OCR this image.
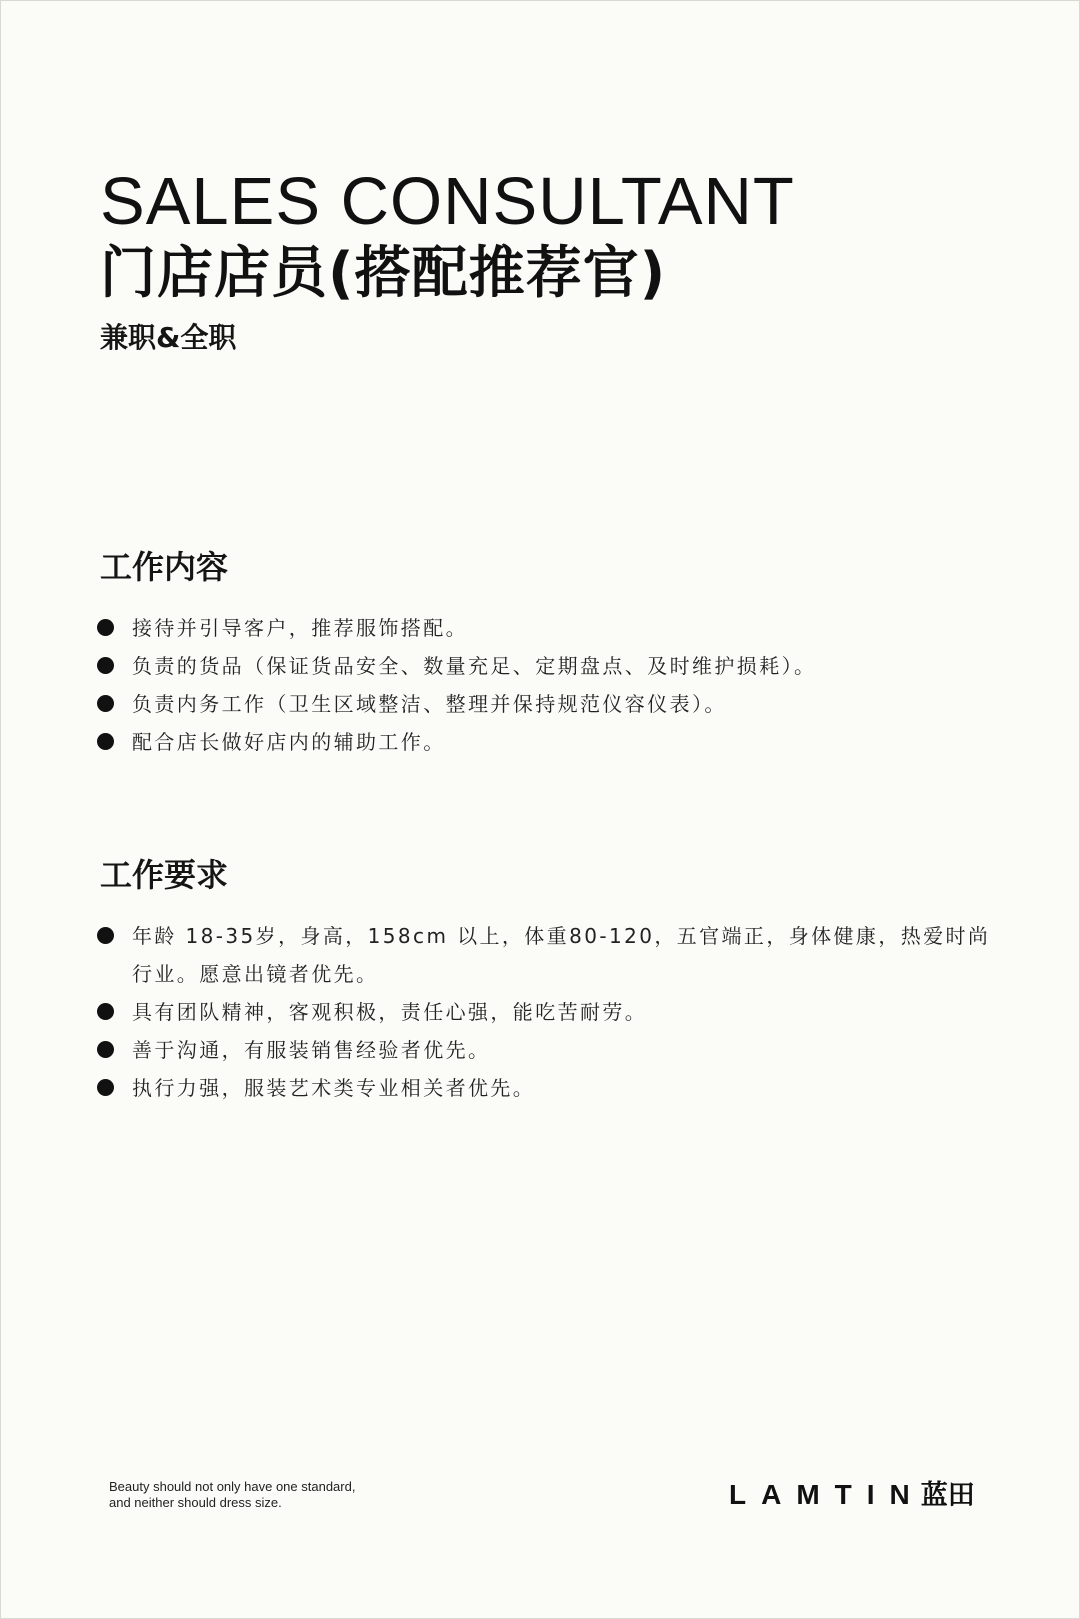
SALES CONSULTANT
门店店员(搭配推荐官)
兼职&全职
工作内容
接待并引导客户，推荐服饰搭配。
负责的货品（保证货品安全、数量充足、定期盘点、及时维护损耗）。
负责内务工作（卫生区域整洁、整理并保持规范仪容仪表）。
配合店长做好店内的辅助工作。
工作要求
年龄 18-35岁，身高，158cm 以上，体重80-120，五官端正，身体健康，热爱时尚行业。愿意出镜者优先。
具有团队精神，客观积极，责任心强，能吃苦耐劳。
善于沟通，有服装销售经验者优先。
执行力强，服装艺术类专业相关者优先。
Beauty should not only have one standard,
and neither should dress size.	LAMTIN
蓝田
